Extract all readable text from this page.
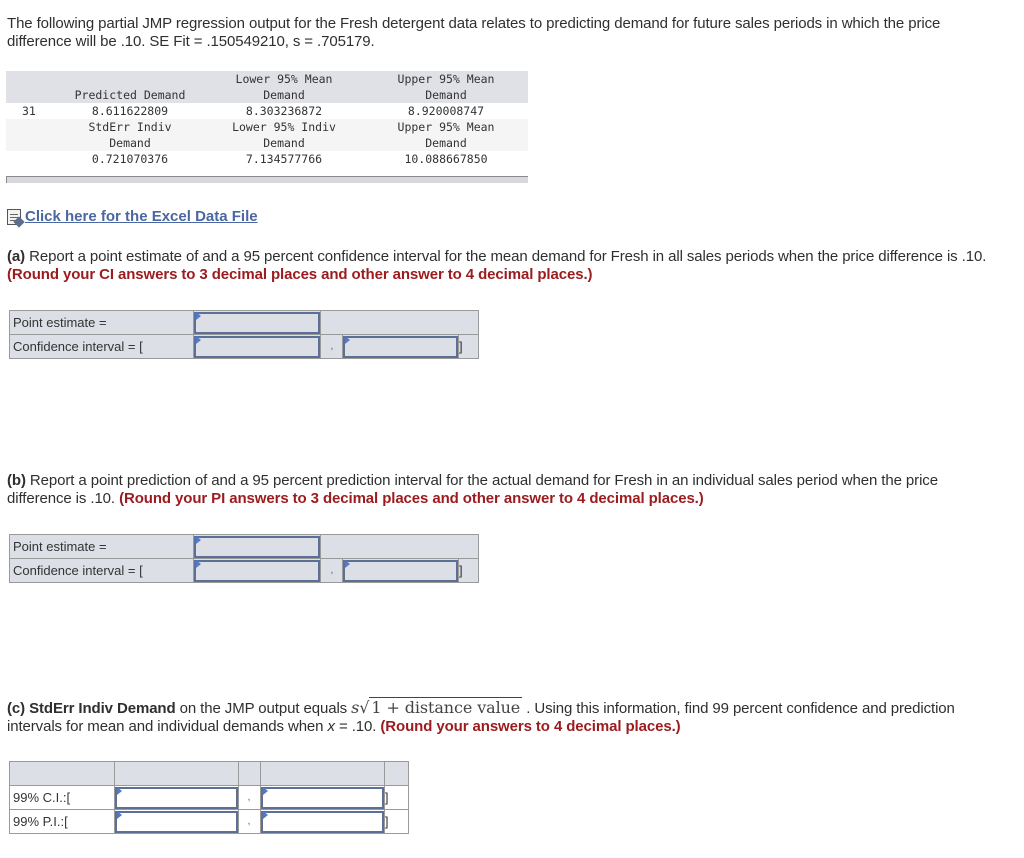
The following partial JMP regression output for the Fresh detergent data relates to predicting demand for future sales periods in which the price difference will be .10. SE Fit = .150549210, s = .705179.
Lower 95% Mean	Upper 95% Mean
Predicted Demand	Demand	Demand
31	8.611622809	8.303236872	8.920008747
StdErr Indiv	Lower 95% Indiv	Upper 95% Mean
Demand	Demand	Demand
0.721070376	7.134577766	10.088667850
Click here for the Excel Data File
(a) Report a point estimate of and a 95 percent confidence interval for the mean demand for Fresh in all sales periods when the price difference is .10. (Round your CI answers to 3 decimal places and other answer to 4 decimal places.)
Point estimate =	

Confidence interval = [		,		]
(b) Report a point prediction of and a 95 percent prediction interval for the actual demand for Fresh in an individual sales period when the price difference is .10. (Round your PI answers to 3 decimal places and other answer to 4 decimal places.)
Point estimate =	

Confidence interval = [		,		]
(c) StdErr Indiv Demand on the JMP output equals s√ 1 + distance value . Using this information, find 99 percent confidence and prediction intervals for mean and individual demands when x = .10. (Round your answers to 4 decimal places.)

99% C.I.:[		,		]
99% P.I.:[		,		]
